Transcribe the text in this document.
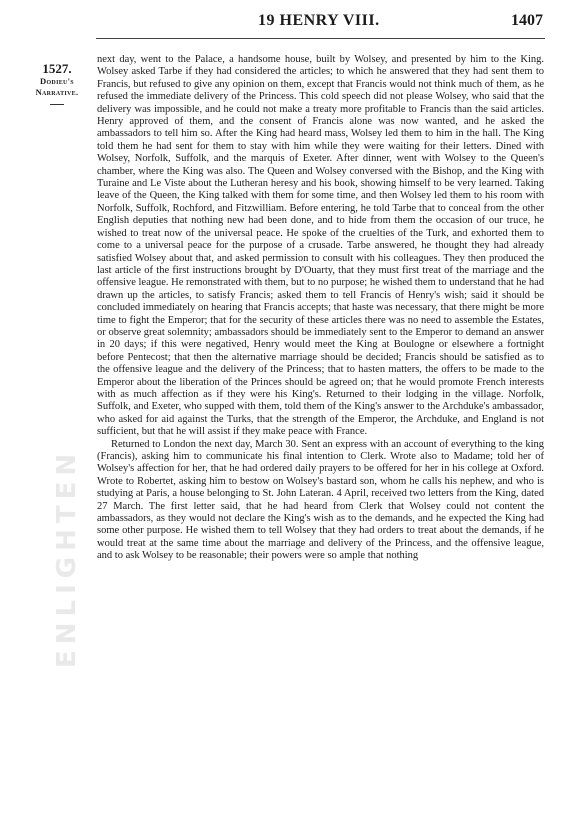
19 HENRY VIII.	1407
ENLIGHTEN
1527.
Dodieu's
Narrative.

next day, went to the Palace, a handsome house, built by Wolsey, and presented by him to the King. Wolsey asked Tarbe if they had considered the articles; to which he answered that they had sent them to Francis, but refused to give any opinion on them, except that Francis would not think much of them, as he refused the immediate delivery of the Princess. This cold speech did not please Wolsey, who said that the delivery was impossible, and he could not make a treaty more profitable to Francis than the said articles. Henry approved of them, and the consent of Francis alone was now wanted, and he asked the ambassadors to tell him so. After the King had heard mass, Wolsey led them to him in the hall. The King told them he had sent for them to stay with him while they were waiting for their letters. Dined with Wolsey, Norfolk, Suffolk, and the marquis of Exeter. After dinner, went with Wolsey to the Queen's chamber, where the King was also. The Queen and Wolsey conversed with the Bishop, and the King with Turaine and Le Viste about the Lutheran heresy and his book, showing himself to be very learned. Taking leave of the Queen, the King talked with them for some time, and then Wolsey led them to his room with Norfolk, Suffolk, Rochford, and Fitzwilliam. Before entering, he told Tarbe that to conceal from the other English deputies that nothing new had been done, and to hide from them the occasion of our truce, he wished to treat now of the universal peace. He spoke of the cruelties of the Turk, and exhorted them to come to a universal peace for the purpose of a crusade. Tarbe answered, he thought they had already satisfied Wolsey about that, and asked permission to consult with his colleagues. They then produced the last article of the first instructions brought by D'Ouarty, that they must first treat of the marriage and the offensive league. He remonstrated with them, but to no purpose; he wished them to understand that he had drawn up the articles, to satisfy Francis; asked them to tell Francis of Henry's wish; said it should be concluded immediately on hearing that Francis accepts; that haste was necessary, that there might be more time to fight the Emperor; that for the security of these articles there was no need to assemble the Estates, or observe great solemnity; ambassadors should be immediately sent to the Emperor to demand an answer in 20 days; if this were negatived, Henry would meet the King at Boulogne or elsewhere a fortnight before Pentecost; that then the alternative marriage should be decided; Francis should be satisfied as to the offensive league and the delivery of the Princess; that to hasten matters, the offers to be made to the Emperor about the liberation of the Princes should be agreed on; that he would promote French interests with as much affection as if they were his King's. Returned to their lodging in the village. Norfolk, Suffolk, and Exeter, who supped with them, told them of the King's answer to the Archduke's ambassador, who asked for aid against the Turks, that the strength of the Emperor, the Archduke, and England is not sufficient, but that he will assist if they make peace with France.

Returned to London the next day, March 30. Sent an express with an account of everything to the king (Francis), asking him to communicate his final intention to Clerk. Wrote also to Madame; told her of Wolsey's affection for her, that he had ordered daily prayers to be offered for her in his college at Oxford. Wrote to Robertet, asking him to bestow on Wolsey's bastard son, whom he calls his nephew, and who is studying at Paris, a house belonging to St. John Lateran. 4 April, received two letters from the King, dated 27 March. The first letter said, that he had heard from Clerk that Wolsey could not content the ambassadors, as they would not declare the King's wish as to the demands, and he expected the King had some other purpose. He wished them to tell Wolsey that they had orders to treat about the demands, if he would treat at the same time about the marriage and delivery of the Princess, and the offensive league, and to ask Wolsey to be reasonable; their powers were so ample that nothing
